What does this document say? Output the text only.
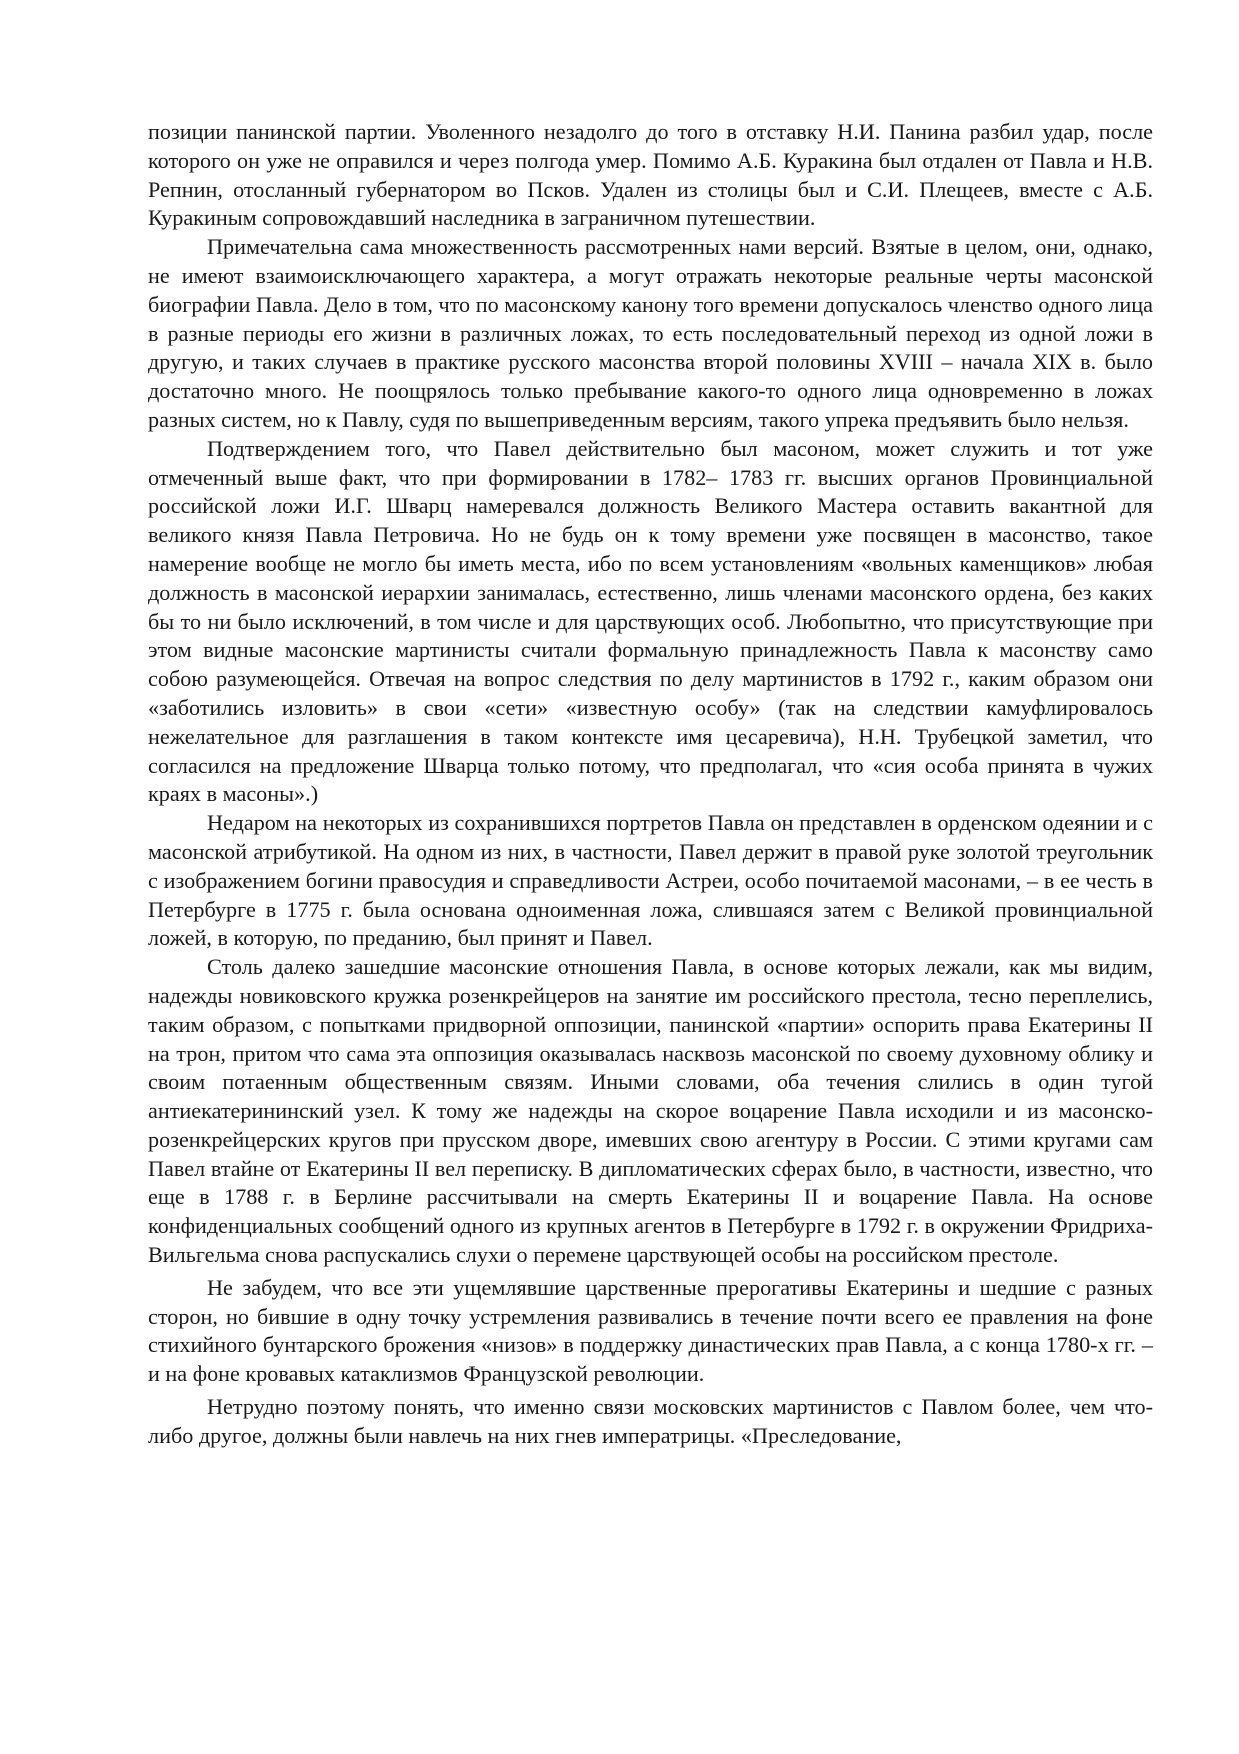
позиции панинской партии. Уволенного незадолго до того в отставку Н.И. Панина разбил удар, после которого он уже не оправился и через полгода умер. Помимо А.Б. Куракина был отдален от Павла и Н.В. Репнин, отосланный губернатором во Псков. Удален из столицы был и С.И. Плещеев, вместе с А.Б. Куракиным сопровождавший наследника в заграничном путешествии.

Примечательна сама множественность рассмотренных нами версий. Взятые в целом, они, однако, не имеют взаимоисключающего характера, а могут отражать некоторые реальные черты масонской биографии Павла. Дело в том, что по масонскому канону того времени допускалось членство одного лица в разные периоды его жизни в различных ложах, то есть последовательный переход из одной ложи в другую, и таких случаев в практике русского масонства второй половины XVIII – начала XIX в. было достаточно много. Не поощрялось только пребывание какого-то одного лица одновременно в ложах разных систем, но к Павлу, судя по вышеприведенным версиям, такого упрека предъявить было нельзя.

Подтверждением того, что Павел действительно был масоном, может служить и тот уже отмеченный выше факт, что при формировании в 1782– 1783 гг. высших органов Провинциальной российской ложи И.Г. Шварц намеревался должность Великого Мастера оставить вакантной для великого князя Павла Петровича. Но не будь он к тому времени уже посвящен в масонство, такое намерение вообще не могло бы иметь места, ибо по всем установлениям «вольных каменщиков» любая должность в масонской иерархии занималась, естественно, лишь членами масонского ордена, без каких бы то ни было исключений, в том числе и для царствующих особ. Любопытно, что присутствующие при этом видные масонские мартинисты считали формальную принадлежность Павла к масонству само собою разумеющейся. Отвечая на вопрос следствия по делу мартинистов в 1792 г., каким образом они «заботились изловить» в свои «сети» «известную особу» (так на следствии камуфлировалось нежелательное для разглашения в таком контексте имя цесаревича), Н.Н. Трубецкой заметил, что согласился на предложение Шварца только потому, что предполагал, что «сия особа принята в чужих краях в масоны».)

Недаром на некоторых из сохранившихся портретов Павла он представлен в орденском одеянии и с масонской атрибутикой. На одном из них, в частности, Павел держит в правой руке золотой треугольник с изображением богини правосудия и справедливости Астреи, особо почитаемой масонами, – в ее честь в Петербурге в 1775 г. была основана одноименная ложа, слившаяся затем с Великой провинциальной ложей, в которую, по преданию, был принят и Павел.

Столь далеко зашедшие масонские отношения Павла, в основе которых лежали, как мы видим, надежды новиковского кружка розенкрейцеров на занятие им российского престола, тесно переплелись, таким образом, с попытками придворной оппозиции, панинской «партии» оспорить права Екатерины II на трон, притом что сама эта оппозиция оказывалась насквозь масонской по своему духовному облику и своим потаенным общественным связям. Иными словами, оба течения слились в один тугой антиекатерининский узел. К тому же надежды на скорое воцарение Павла исходили и из масонско-розенкрейцерских кругов при прусском дворе, имевших свою агентуру в России. С этими кругами сам Павел втайне от Екатерины II вел переписку. В дипломатических сферах было, в частности, известно, что еще в 1788 г. в Берлине рассчитывали на смерть Екатерины II и воцарение Павла. На основе конфиденциальных сообщений одного из крупных агентов в Петербурге в 1792 г. в окружении Фридриха-Вильгельма снова распускались слухи о перемене царствующей особы на российском престоле.

Не забудем, что все эти ущемлявшие царственные прерогативы Екатерины и шедшие с разных сторон, но бившие в одну точку устремления развивались в течение почти всего ее правления на фоне стихийного бунтарского брожения «низов» в поддержку династических прав Павла, а с конца 1780-х гг. – и на фоне кровавых катаклизмов Французской революции.

Нетрудно поэтому понять, что именно связи московских мартинистов с Павлом более, чем что-либо другое, должны были навлечь на них гнев императрицы. «Преследование,
